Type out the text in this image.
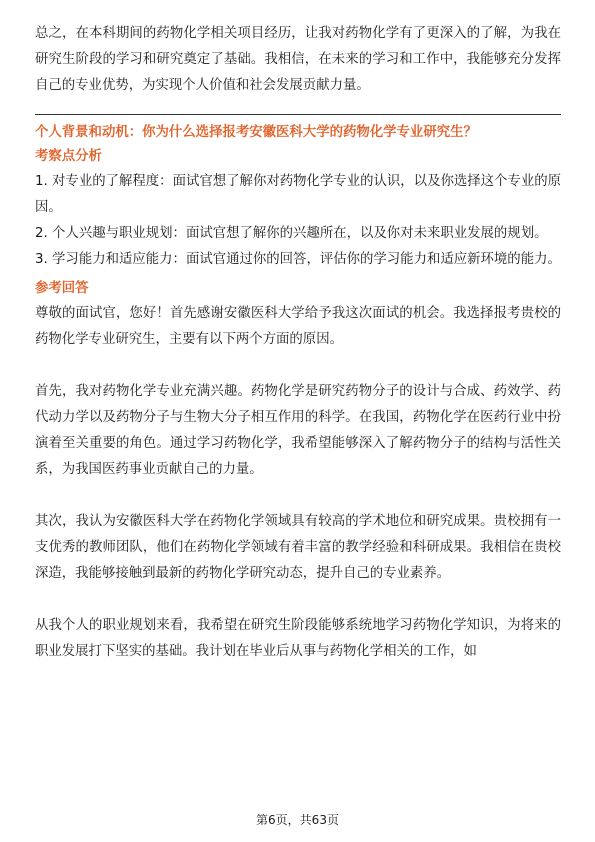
总之，在本科期间的药物化学相关项目经历，让我对药物化学有了更深入的了解，为我在研究生阶段的学习和研究奠定了基础。我相信，在未来的学习和工作中，我能够充分发挥自己的专业优势，为实现个人价值和社会发展贡献力量。

个人背景和动机：你为什么选择报考安徽医科大学的药物化学专业研究生？

考察点分析

1. 对专业的了解程度：面试官想了解你对药物化学专业的认识，以及你选择这个专业的原因。

2. 个人兴趣与职业规划：面试官想了解你的兴趣所在，以及你对未来职业发展的规划。

3. 学习能力和适应能力：面试官通过你的回答，评估你的学习能力和适应新环境的能力。

参考回答

尊敬的面试官，您好！首先感谢安徽医科大学给予我这次面试的机会。我选择报考贵校的药物化学专业研究生，主要有以下两个方面的原因。

首先，我对药物化学专业充满兴趣。药物化学是研究药物分子的设计与合成、药效学、药代动力学以及药物分子与生物大分子相互作用的科学。在我国，药物化学在医药行业中扮演着至关重要的角色。通过学习药物化学，我希望能够深入了解药物分子的结构与活性关系，为我国医药事业贡献自己的力量。

其次，我认为安徽医科大学在药物化学领域具有较高的学术地位和研究成果。贵校拥有一支优秀的教师团队，他们在药物化学领域有着丰富的教学经验和科研成果。我相信在贵校深造，我能够接触到最新的药物化学研究动态，提升自己的专业素养。

从我个人的职业规划来看，我希望在研究生阶段能够系统地学习药物化学知识，为将来的职业发展打下坚实的基础。我计划在毕业后从事与药物化学相关的工作，如

第6页，共63页
